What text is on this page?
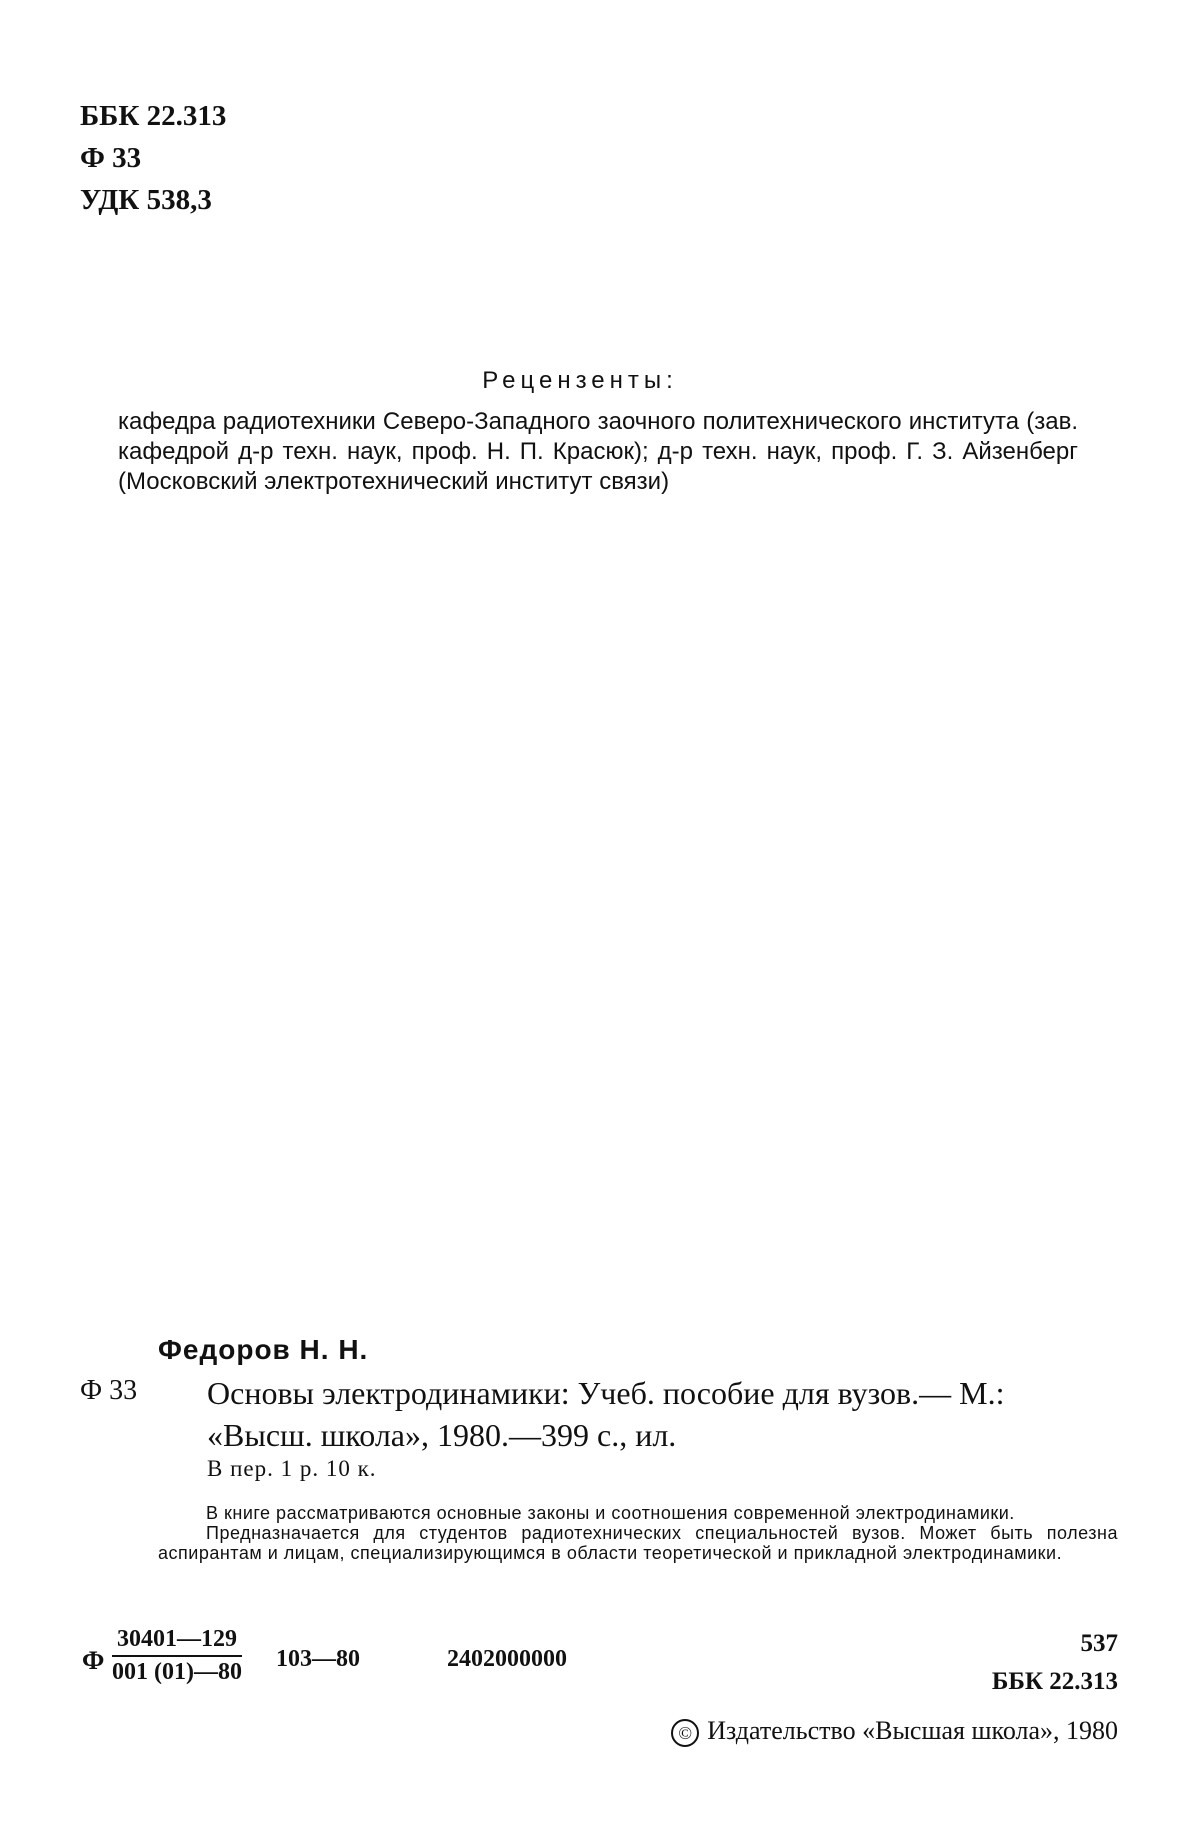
ББК 22.313
Ф 33
УДК 538,3
Рецензенты:
кафедра радиотехники Северо-Западного заочного политехнического института (зав. кафедрой д-р техн. наук, проф. Н. П. Красюк); д-р техн. наук, проф. Г. З. Айзенберг (Московский электротехнический институт связи)
Федоров Н. Н.
Ф 33 Основы электродинамики: Учеб. пособие для вузов.— М.:
«Высш. школа», 1980.—399 с., ил.
В пер. 1 р. 10 к.

В книге рассматриваются основные законы и соотношения современной электродинамики.

Предназначается для студентов радиотехнических специальностей вузов. Может быть полезна аспирантам и лицам, специализирующимся в области теоретической и прикладной электродинамики.

Ф $\frac{30401—129}{001 (01)—80}$ 103—80	2402000000
537
ББК 22.313
© Издательство «Высшая школа», 1980
